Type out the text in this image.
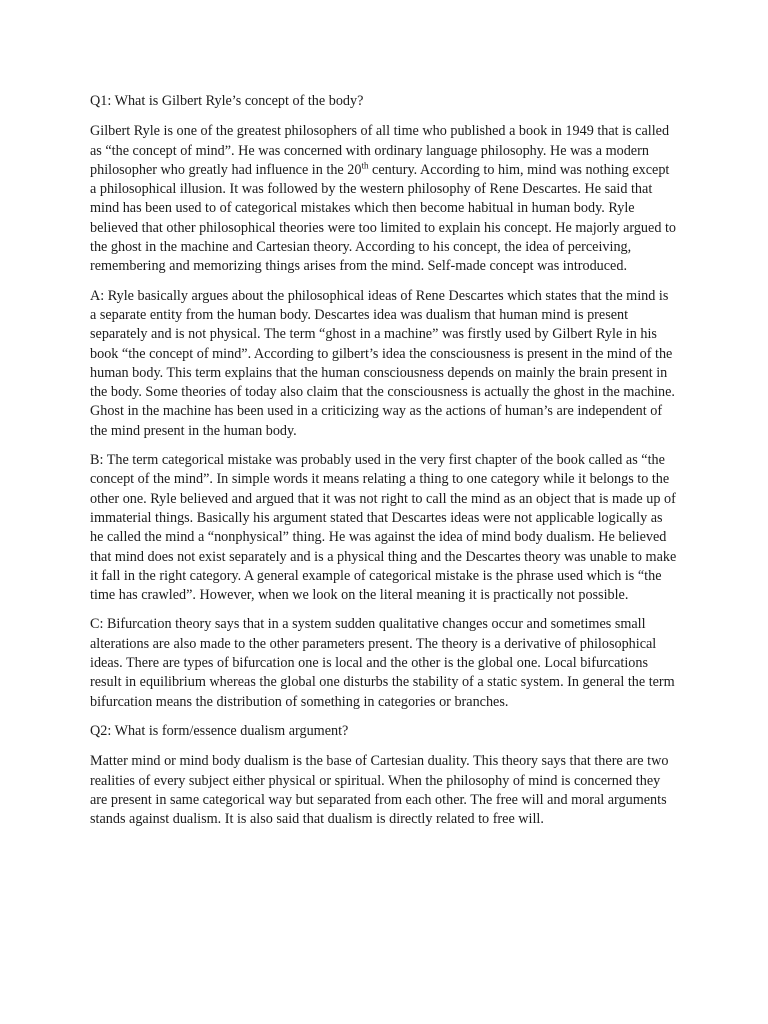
Q1: What is Gilbert Ryle’s concept of the body?

Gilbert Ryle is one of the greatest philosophers of all time who published a book in 1949 that is called as “the concept of mind”. He was concerned with ordinary language philosophy. He was a modern philosopher who greatly had influence in the 20th century. According to him, mind was nothing except a philosophical illusion. It was followed by the western philosophy of Rene Descartes. He said that mind has been used to of categorical mistakes which then become habitual in human body. Ryle believed that other philosophical theories were too limited to explain his concept. He majorly argued to the ghost in the machine and Cartesian theory. According to his concept, the idea of perceiving, remembering and memorizing things arises from the mind. Self-made concept was introduced.

A: Ryle basically argues about the philosophical ideas of Rene Descartes which states that the mind is a separate entity from the human body. Descartes idea was dualism that human mind is present separately and is not physical. The term “ghost in a machine” was firstly used by Gilbert Ryle in his book “the concept of mind”. According to gilbert’s idea the consciousness is present in the mind of the human body. This term explains that the human consciousness depends on mainly the brain present in the body. Some theories of today also claim that the consciousness is actually the ghost in the machine. Ghost in the machine has been used in a criticizing way as the actions of human’s are independent of the mind present in the human body.

B: The term categorical mistake was probably used in the very first chapter of the book called as “the concept of the mind”. In simple words it means relating a thing to one category while it belongs to the other one. Ryle believed and argued that it was not right to call the mind as an object that is made up of immaterial things. Basically his argument stated that Descartes ideas were not applicable logically as he called the mind a “nonphysical” thing. He was against the idea of mind body dualism. He believed that mind does not exist separately and is a physical thing and the Descartes theory was unable to make it fall in the right category. A general example of categorical mistake is the phrase used which is “the time has crawled”. However, when we look on the literal meaning it is practically not possible.

C: Bifurcation theory says that in a system sudden qualitative changes occur and sometimes small alterations are also made to the other parameters present. The theory is a derivative of philosophical ideas. There are types of bifurcation one is local and the other is the global one. Local bifurcations result in equilibrium whereas the global one disturbs the stability of a static system. In general the term bifurcation means the distribution of something in categories or branches.

Q2: What is form/essence dualism argument?

Matter mind or mind body dualism is the base of Cartesian duality. This theory says that there are two realities of every subject either physical or spiritual. When the philosophy of mind is concerned they are present in same categorical way but separated from each other. The free will and moral arguments stands against dualism. It is also said that dualism is directly related to free will.
